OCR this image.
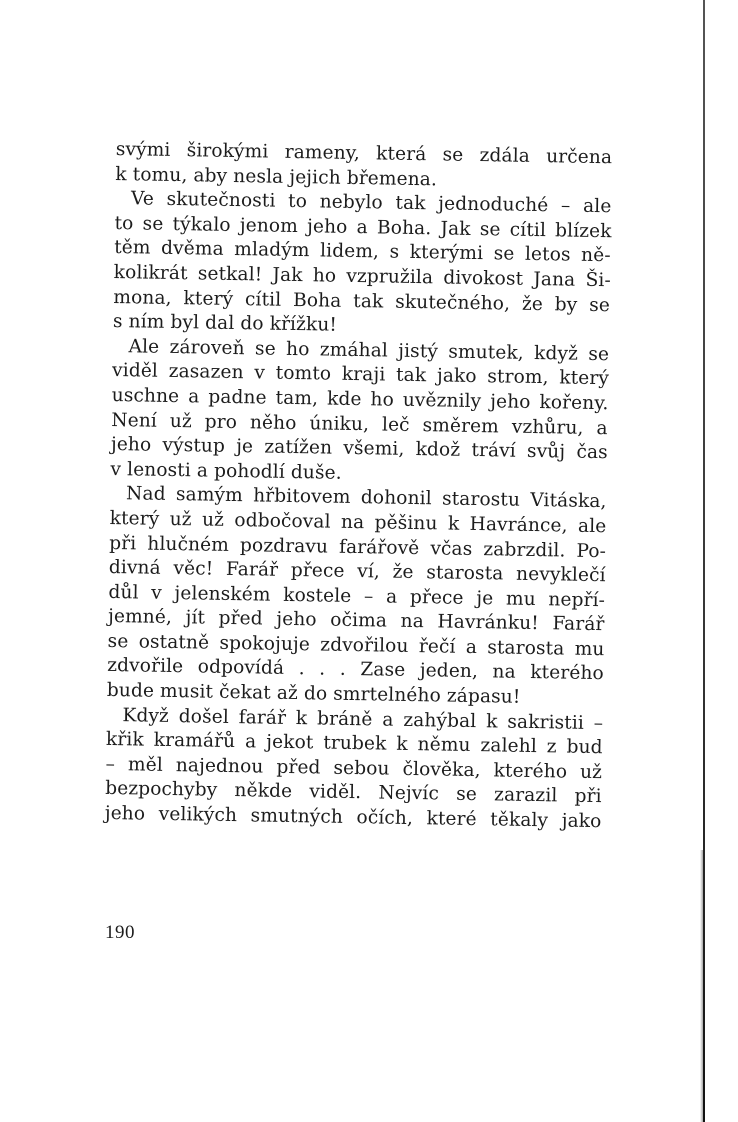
svými širokými rameny, která se zdála určena
k tomu, aby nesla jejich břemena.
Ve skutečnosti to nebylo tak jednoduché – ale
to se týkalo jenom jeho a Boha. Jak se cítil blízek
těm dvěma mladým lidem, s kterými se letos ně-
kolikrát setkal! Jak ho vzpružila divokost Jana Ši-
mona, který cítil Boha tak skutečného, že by se
s ním byl dal do křížku!
Ale zároveň se ho zmáhal jistý smutek, když se
viděl zasazen v tomto kraji tak jako strom, který
uschne a padne tam, kde ho uvěznily jeho kořeny.
Není už pro něho úniku, leč směrem vzhůru, a
jeho výstup je zatížen všemi, kdož tráví svůj čas
v lenosti a pohodlí duše.
Nad samým hřbitovem dohonil starostu Vitáska,
který už už odbočoval na pěšinu k Havránce, ale
při hlučném pozdravu farářově včas zabrzdil. Po-
divná věc! Farář přece ví, že starosta nevyklečí
důl v jelenském kostele – a přece je mu nepří-
jemné, jít před jeho očima na Havránku! Farář
se ostatně spokojuje zdvořilou řečí a starosta mu
zdvořile odpovídá . . . Zase jeden, na kterého
bude musit čekat až do smrtelného zápasu!
Když došel farář k bráně a zahýbal k sakristii –
křik kramářů a jekot trubek k němu zalehl z bud
– měl najednou před sebou člověka, kterého už
bezpochyby někde viděl. Nejvíc se zarazil při
jeho velikých smutných očích, které těkaly jako
190
